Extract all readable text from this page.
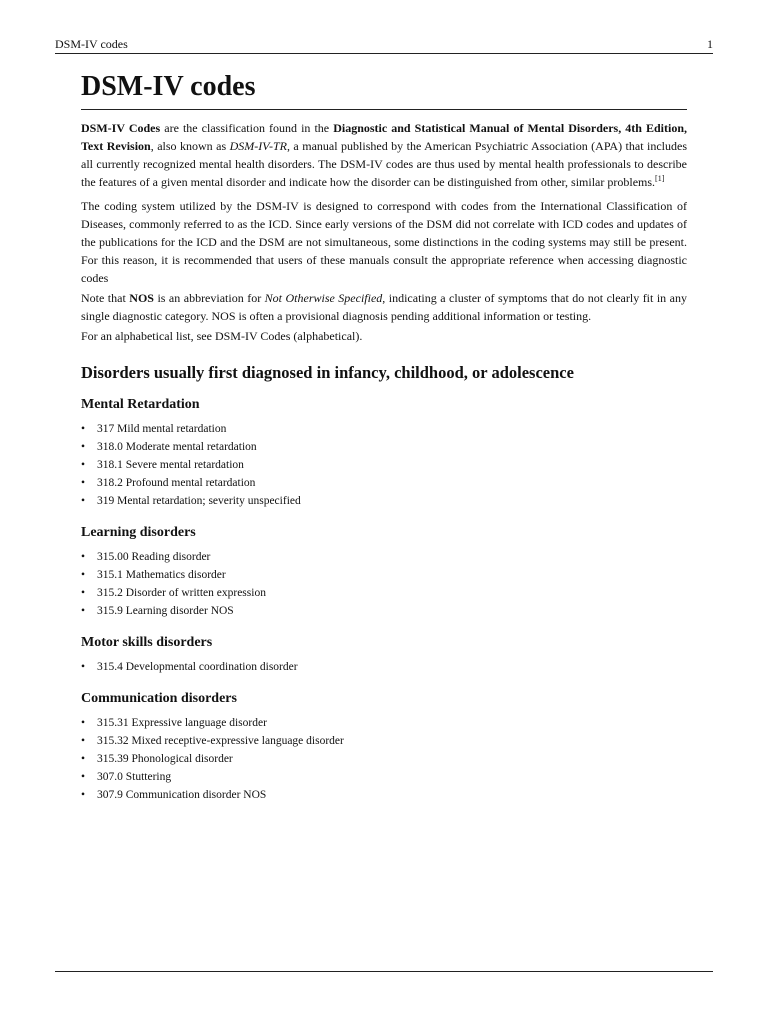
DSM-IV codes	1
DSM-IV codes

DSM-IV Codes are the classification found in the Diagnostic and Statistical Manual of Mental Disorders, 4th Edition, Text Revision, also known as DSM-IV-TR, a manual published by the American Psychiatric Association (APA) that includes all currently recognized mental health disorders. The DSM-IV codes are thus used by mental health professionals to describe the features of a given mental disorder and indicate how the disorder can be distinguished from other, similar problems.[1]

The coding system utilized by the DSM-IV is designed to correspond with codes from the International Classification of Diseases, commonly referred to as the ICD. Since early versions of the DSM did not correlate with ICD codes and updates of the publications for the ICD and the DSM are not simultaneous, some distinctions in the coding systems may still be present. For this reason, it is recommended that users of these manuals consult the appropriate reference when accessing diagnostic codes

Note that NOS is an abbreviation for Not Otherwise Specified, indicating a cluster of symptoms that do not clearly fit in any single diagnostic category. NOS is often a provisional diagnosis pending additional information or testing.

For an alphabetical list, see DSM-IV Codes (alphabetical).

Disorders usually first diagnosed in infancy, childhood, or adolescence
Mental Retardation
• 317 Mild mental retardation
• 318.0 Moderate mental retardation
• 318.1 Severe mental retardation
• 318.2 Profound mental retardation
• 319 Mental retardation; severity unspecified
Learning disorders
• 315.00 Reading disorder
• 315.1 Mathematics disorder
• 315.2 Disorder of written expression
• 315.9 Learning disorder NOS
Motor skills disorders
• 315.4 Developmental coordination disorder
Communication disorders
• 315.31 Expressive language disorder
• 315.32 Mixed receptive-expressive language disorder
• 315.39 Phonological disorder
• 307.0 Stuttering
• 307.9 Communication disorder NOS
